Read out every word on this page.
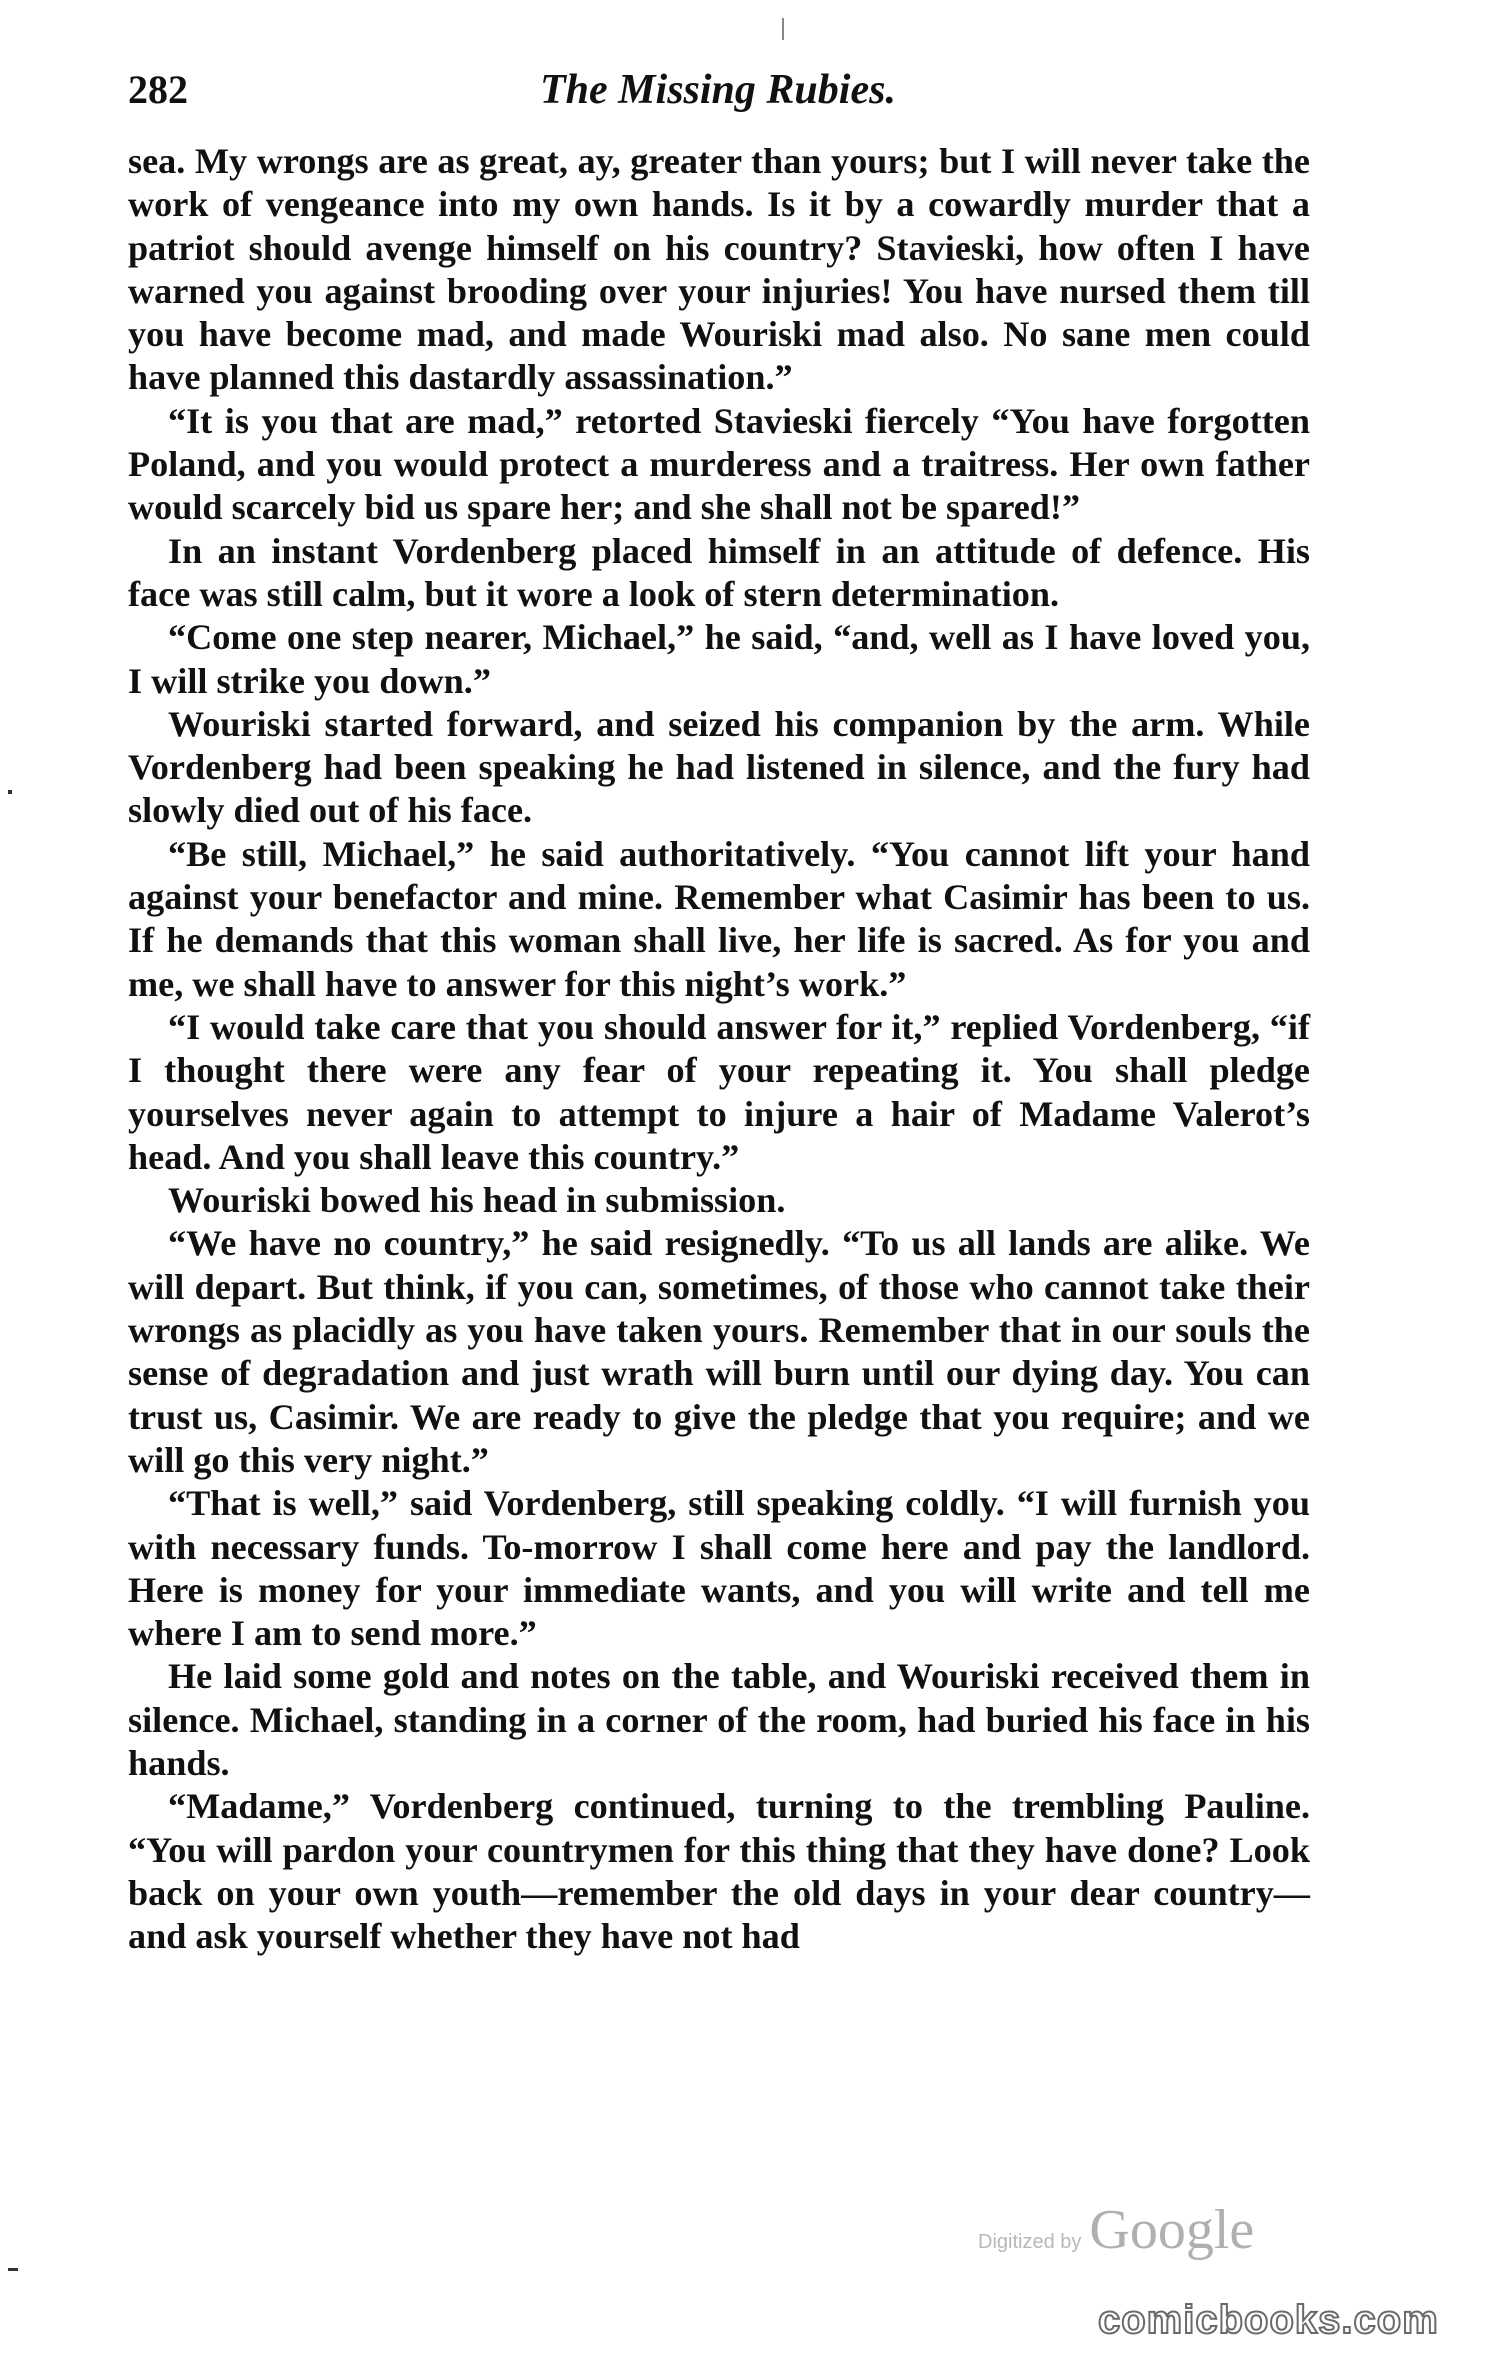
282	The Missing Rubies.

sea. My wrongs are as great, ay, greater than yours; but I will never take the work of vengeance into my own hands. Is it by a cowardly murder that a patriot should avenge himself on his country? Stavieski, how often I have warned you against brooding over your injuries! You have nursed them till you have become mad, and made Wouriski mad also. No sane men could have planned this dastardly assassination.”

“It is you that are mad,” retorted Stavieski fiercely “You have forgotten Poland, and you would protect a murderess and a traitress. Her own father would scarcely bid us spare her; and she shall not be spared!”

In an instant Vordenberg placed himself in an attitude of defence. His face was still calm, but it wore a look of stern determination.

“Come one step nearer, Michael,” he said, “and, well as I have loved you, I will strike you down.”

Wouriski started forward, and seized his companion by the arm. While Vordenberg had been speaking he had listened in silence, and the fury had slowly died out of his face.

“Be still, Michael,” he said authoritatively. “You cannot lift your hand against your benefactor and mine. Remember what Casimir has been to us. If he demands that this woman shall live, her life is sacred. As for you and me, we shall have to answer for this night’s work.”

“I would take care that you should answer for it,” replied Vordenberg, “if I thought there were any fear of your repeating it. You shall pledge yourselves never again to attempt to injure a hair of Madame Valerot’s head. And you shall leave this country.”

Wouriski bowed his head in submission.

“We have no country,” he said resignedly. “To us all lands are alike. We will depart. But think, if you can, sometimes, of those who cannot take their wrongs as placidly as you have taken yours. Remember that in our souls the sense of degradation and just wrath will burn until our dying day. You can trust us, Casimir. We are ready to give the pledge that you require; and we will go this very night.”

“That is well,” said Vordenberg, still speaking coldly. “I will furnish you with necessary funds. To-morrow I shall come here and pay the landlord. Here is money for your immediate wants, and you will write and tell me where I am to send more.”

He laid some gold and notes on the table, and Wouriski received them in silence. Michael, standing in a corner of the room, had buried his face in his hands.

“Madame,” Vordenberg continued, turning to the trembling Pauline. “You will pardon your countrymen for this thing that they have done? Look back on your own youth—remember the old days in your dear country—and ask yourself whether they have not had

Digitized by Google
comicbooks.com
